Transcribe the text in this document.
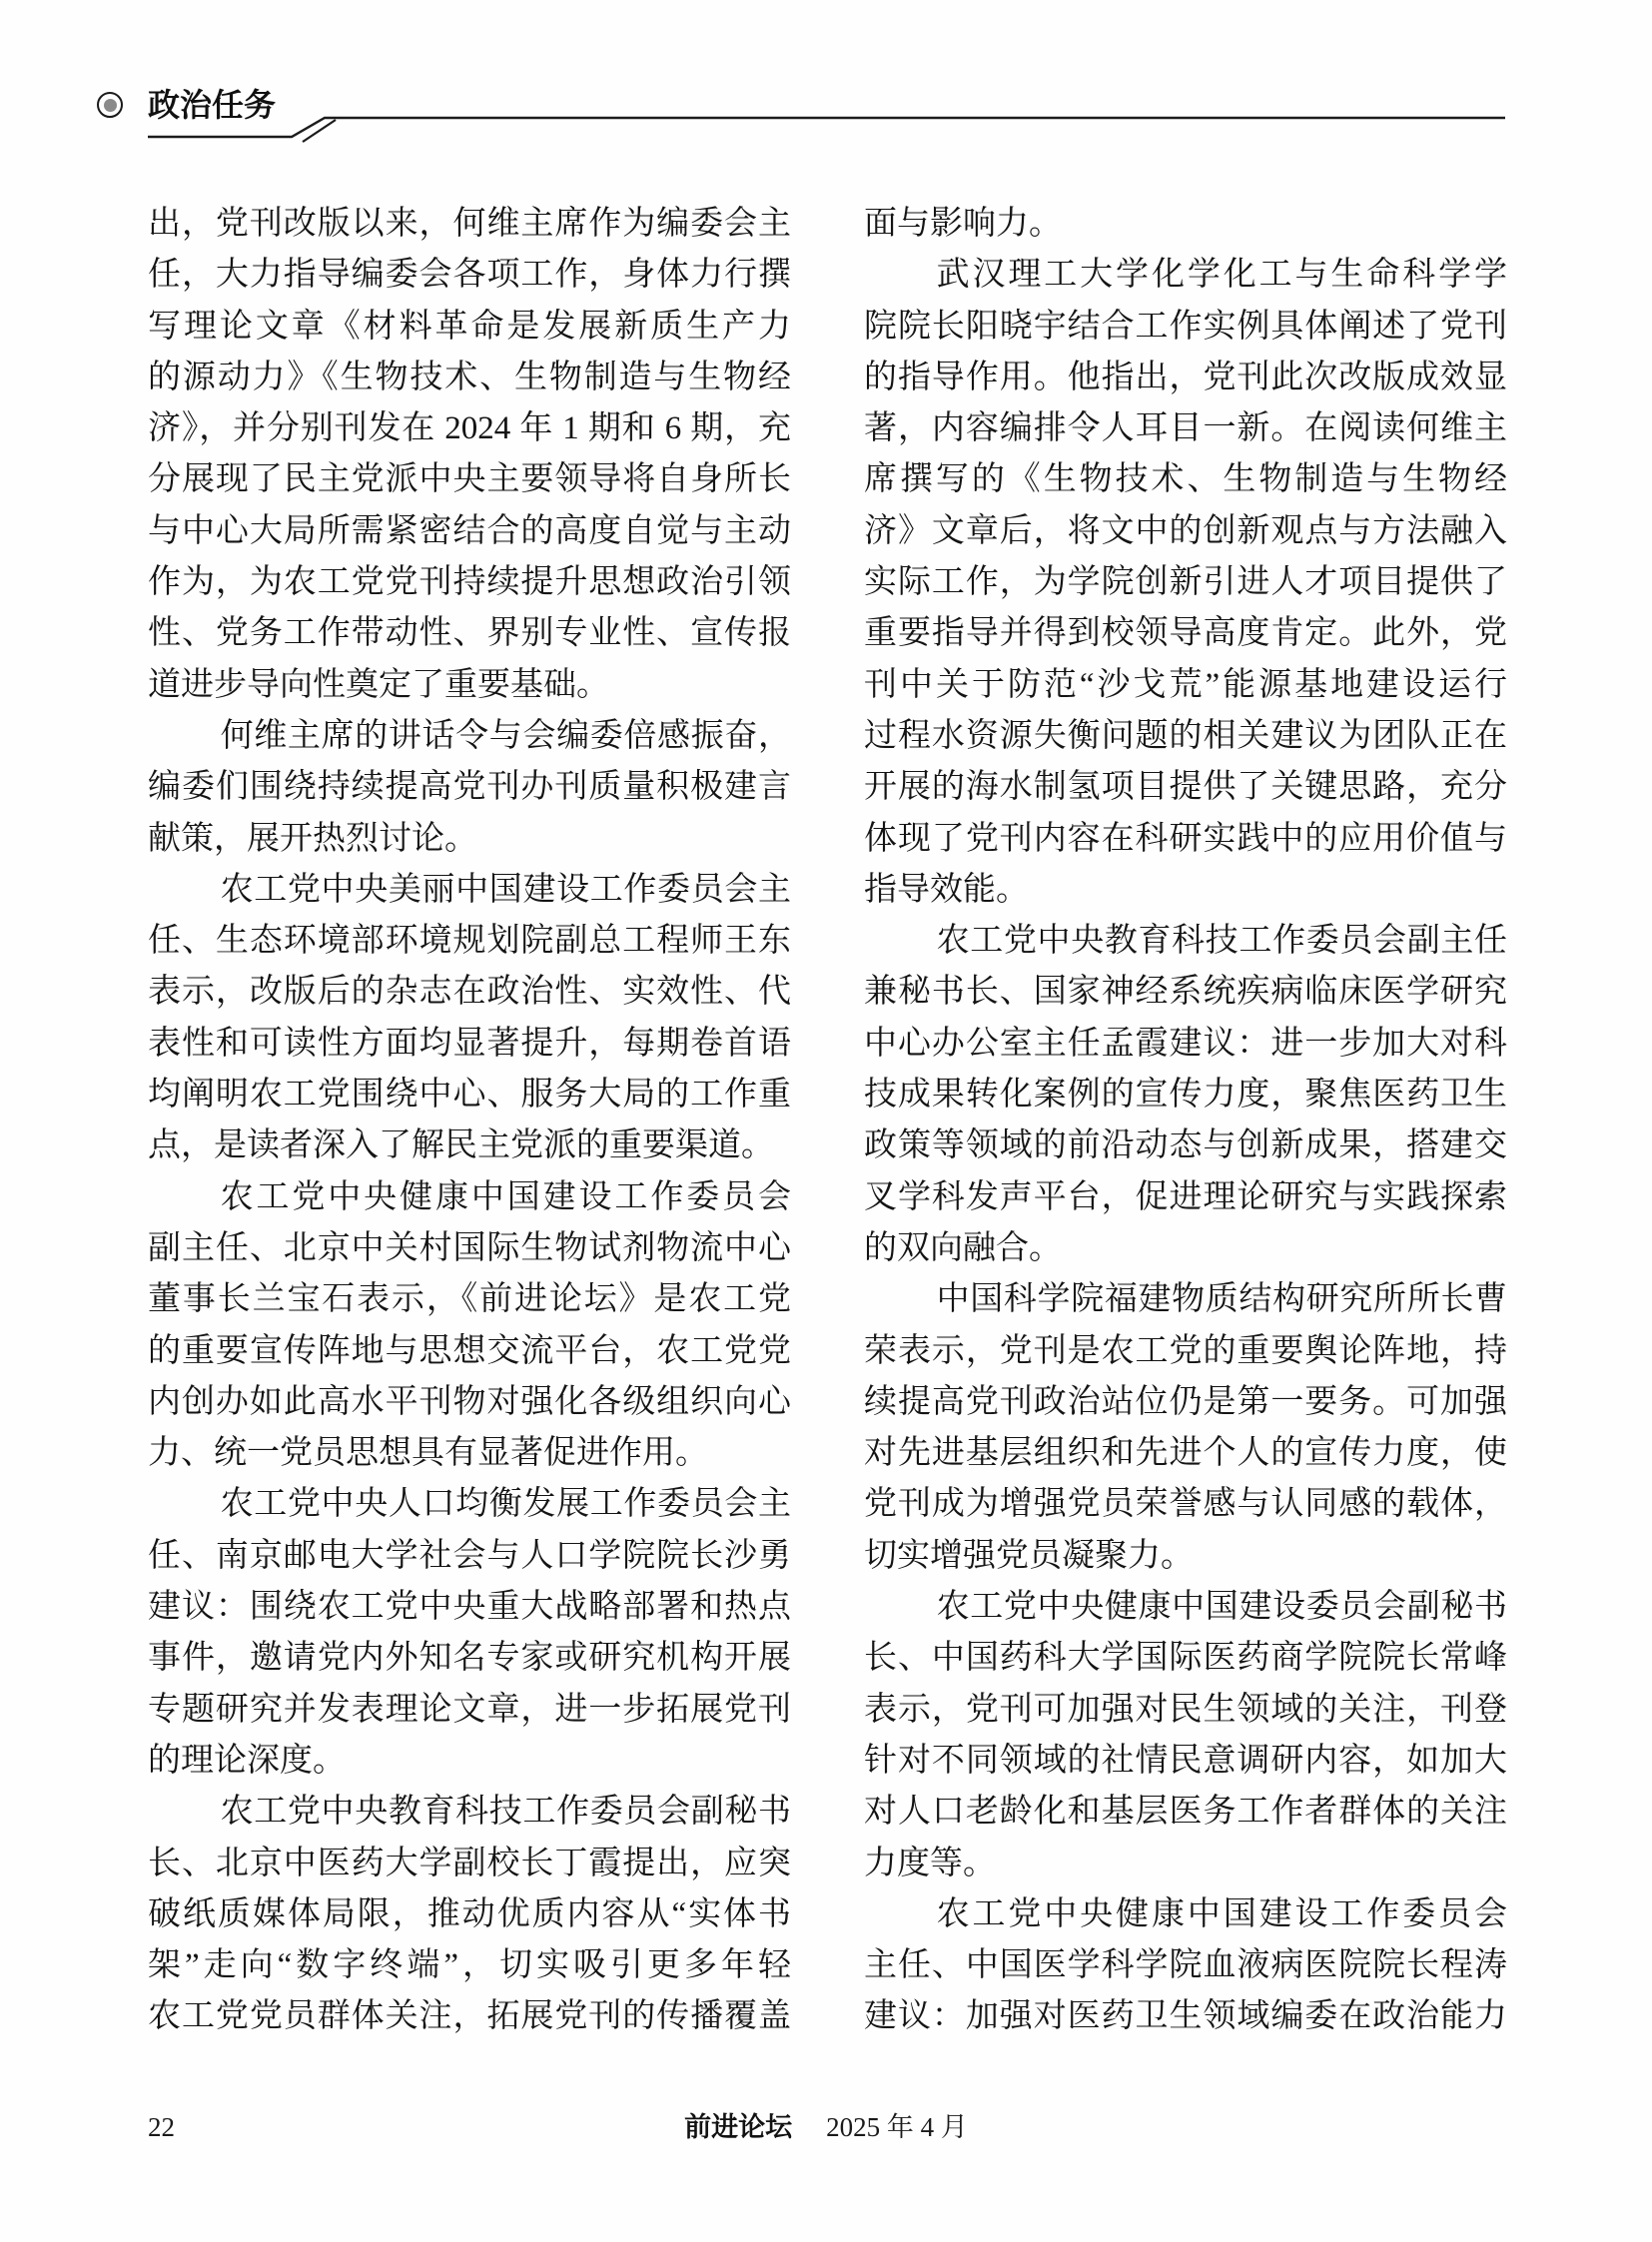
政治任务
出，党刊改版以来，何维主席作为编委会主
任，大力指导编委会各项工作，身体力行撰
写理论文章《材料革命是发展新质生产力
的源动力》《生物技术、生物制造与生物经
济》，并分别刊发在 2024 年 1 期和 6 期，充
分展现了民主党派中央主要领导将自身所长
与中心大局所需紧密结合的高度自觉与主动
作为，为农工党党刊持续提升思想政治引领
性、党务工作带动性、界别专业性、宣传报
道进步导向性奠定了重要基础。
何维主席的讲话令与会编委倍感振奋，
编委们围绕持续提高党刊办刊质量积极建言
献策，展开热烈讨论。
农工党中央美丽中国建设工作委员会主
任、生态环境部环境规划院副总工程师王东
表示，改版后的杂志在政治性、实效性、代
表性和可读性方面均显著提升，每期卷首语
均阐明农工党围绕中心、服务大局的工作重
点，是读者深入了解民主党派的重要渠道。
农工党中央健康中国建设工作委员会
副主任、北京中关村国际生物试剂物流中心
董事长兰宝石表示，《前进论坛》是农工党
的重要宣传阵地与思想交流平台，农工党党
内创办如此高水平刊物对强化各级组织向心
力、统一党员思想具有显著促进作用。
农工党中央人口均衡发展工作委员会主
任、南京邮电大学社会与人口学院院长沙勇
建议：围绕农工党中央重大战略部署和热点
事件，邀请党内外知名专家或研究机构开展
专题研究并发表理论文章，进一步拓展党刊
的理论深度。
农工党中央教育科技工作委员会副秘书
长、北京中医药大学副校长丁霞提出，应突
破纸质媒体局限，推动优质内容从“实体书
架”走向“数字终端”，切实吸引更多年轻
农工党党员群体关注，拓展党刊的传播覆盖
面与影响力。
武汉理工大学化学化工与生命科学学
院院长阳晓宇结合工作实例具体阐述了党刊
的指导作用。他指出，党刊此次改版成效显
著，内容编排令人耳目一新。在阅读何维主
席撰写的《生物技术、生物制造与生物经
济》文章后，将文中的创新观点与方法融入
实际工作，为学院创新引进人才项目提供了
重要指导并得到校领导高度肯定。此外，党
刊中关于防范“沙戈荒”能源基地建设运行
过程水资源失衡问题的相关建议为团队正在
开展的海水制氢项目提供了关键思路，充分
体现了党刊内容在科研实践中的应用价值与
指导效能。
农工党中央教育科技工作委员会副主任
兼秘书长、国家神经系统疾病临床医学研究
中心办公室主任孟霞建议：进一步加大对科
技成果转化案例的宣传力度，聚焦医药卫生
政策等领域的前沿动态与创新成果，搭建交
叉学科发声平台，促进理论研究与实践探索
的双向融合。
中国科学院福建物质结构研究所所长曹
荣表示，党刊是农工党的重要舆论阵地，持
续提高党刊政治站位仍是第一要务。可加强
对先进基层组织和先进个人的宣传力度，使
党刊成为增强党员荣誉感与认同感的载体，
切实增强党员凝聚力。
农工党中央健康中国建设委员会副秘书
长、中国药科大学国际医药商学院院长常峰
表示，党刊可加强对民生领域的关注，刊登
针对不同领域的社情民意调研内容，如加大
对人口老龄化和基层医务工作者群体的关注
力度等。
农工党中央健康中国建设工作委员会
主任、中国医学科学院血液病医院院长程涛
建议：加强对医药卫生领域编委在政治能力
22	前进论坛 2025 年 4 月
